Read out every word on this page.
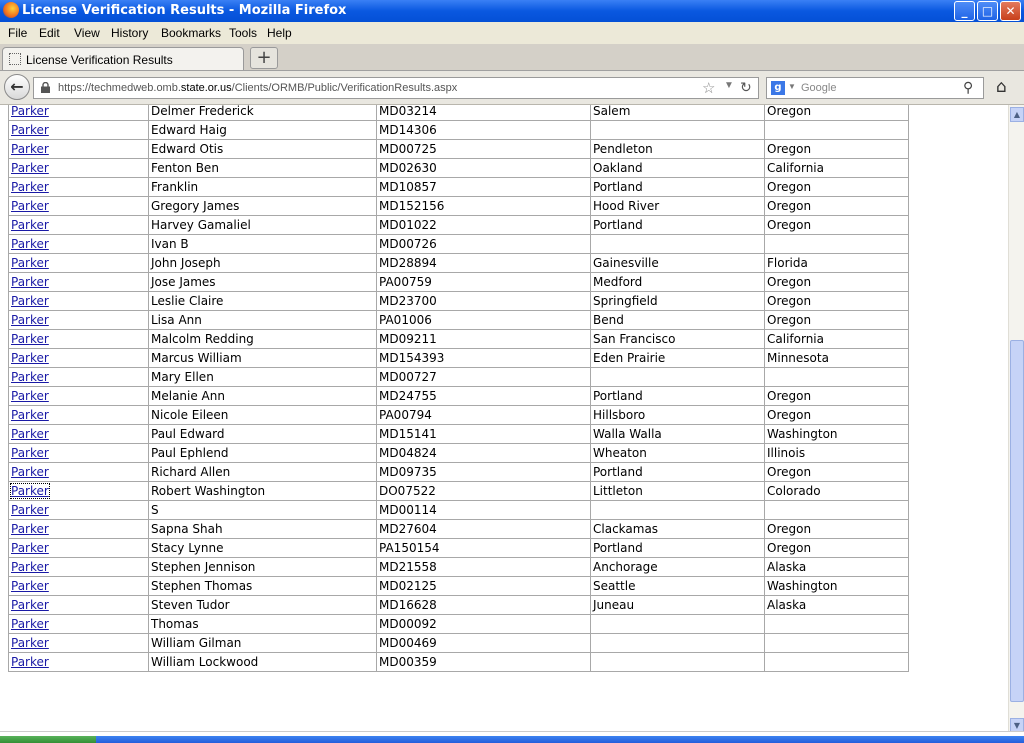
License Verification Results - Mozilla Firefox	_	□	✕
File Edit View History Bookmarks Tools Help
License Verification Results	+
←	https://techmedweb.omb.state.or.us/Clients/ORMB/Public/VerificationResults.aspx	☆ ▼ ↻	g ▼ Google	⚲ ⌂
Parker	Delmer Frederick	MD03214	Salem	Oregon
Parker	Edward Haig	MD14306		
Parker	Edward Otis	MD00725	Pendleton	Oregon
Parker	Fenton Ben	MD02630	Oakland	California
Parker	Franklin	MD10857	Portland	Oregon
Parker	Gregory James	MD152156	Hood River	Oregon
Parker	Harvey Gamaliel	MD01022	Portland	Oregon
Parker	Ivan B	MD00726		
Parker	John Joseph	MD28894	Gainesville	Florida
Parker	Jose James	PA00759	Medford	Oregon
Parker	Leslie Claire	MD23700	Springfield	Oregon
Parker	Lisa Ann	PA01006	Bend	Oregon
Parker	Malcolm Redding	MD09211	San Francisco	California
Parker	Marcus William	MD154393	Eden Prairie	Minnesota
Parker	Mary Ellen	MD00727		
Parker	Melanie Ann	MD24755	Portland	Oregon
Parker	Nicole Eileen	PA00794	Hillsboro	Oregon
Parker	Paul Edward	MD15141	Walla Walla	Washington
Parker	Paul Ephlend	MD04824	Wheaton	Illinois
Parker	Richard Allen	MD09735	Portland	Oregon
Parker	Robert Washington	DO07522	Littleton	Colorado
Parker	S	MD00114		
Parker	Sapna Shah	MD27604	Clackamas	Oregon
Parker	Stacy Lynne	PA150154	Portland	Oregon
Parker	Stephen Jennison	MD21558	Anchorage	Alaska
Parker	Stephen Thomas	MD02125	Seattle	Washington
Parker	Steven Tudor	MD16628	Juneau	Alaska
Parker	Thomas	MD00092		
Parker	William Gilman	MD00469		
Parker	William Lockwood	MD00359		
▲
▼
